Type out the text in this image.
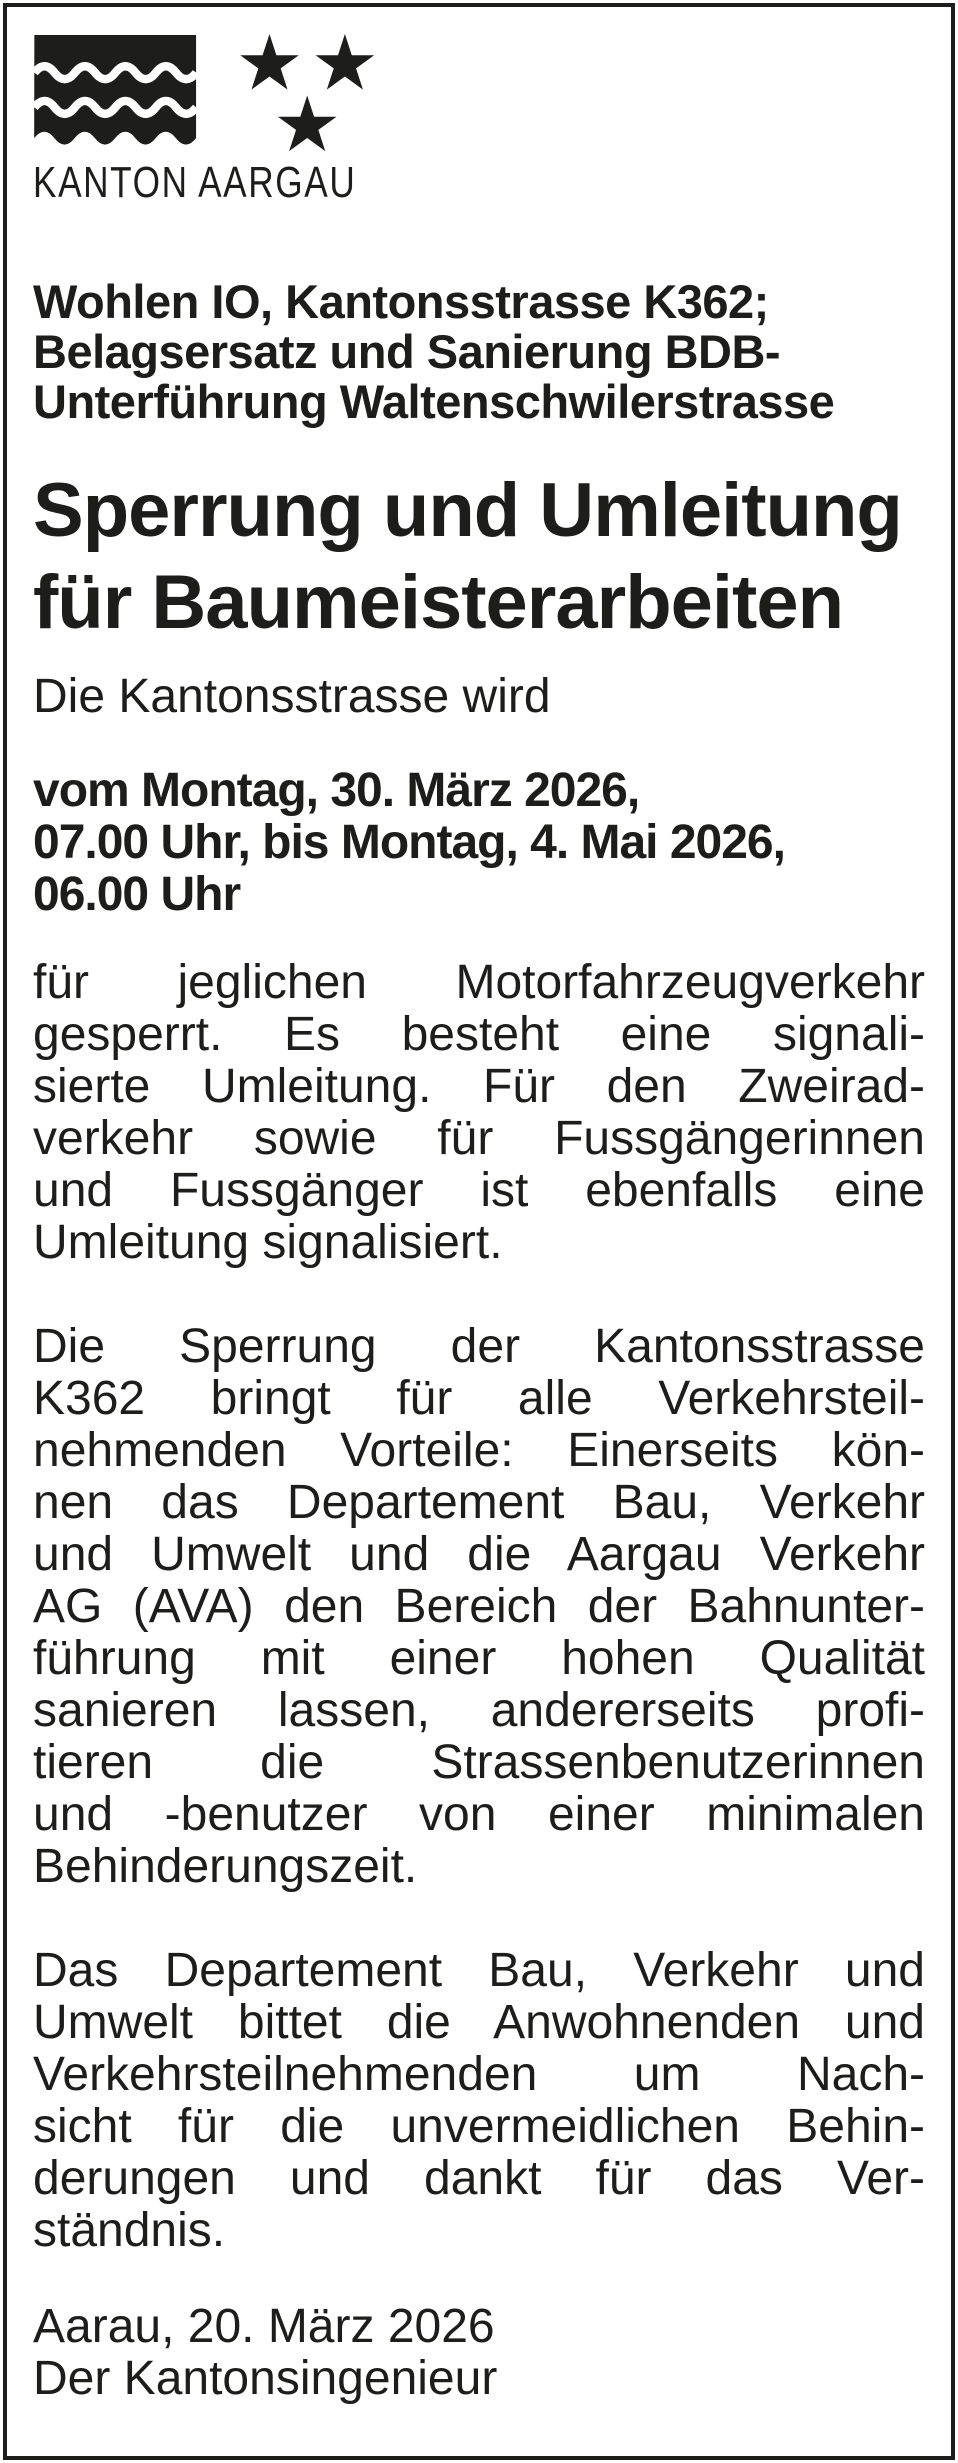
KANTON AARGAU
Wohlen IO, Kantonsstrasse K362;
Belagsersatz und Sanierung BDB-
Unterführung Waltenschwilerstrasse
Sperrung und Umleitung
für Baumeisterarbeiten

Die Kantonsstrasse wird

vom Montag, 30. März 2026,
07.00 Uhr, bis Montag, 4. Mai 2026,
06.00 Uhr

für jeglichen Motorfahrzeugverkehr
gesperrt. Es besteht eine signali-
sierte Umleitung. Für den Zweirad-
verkehr sowie für Fussgängerinnen
und Fussgänger ist ebenfalls eine
Umleitung signalisiert.

Die Sperrung der Kantonsstrasse
K362 bringt für alle Verkehrsteil-
nehmenden Vorteile: Einerseits kön-
nen das Departement Bau, Verkehr
und Umwelt und die Aargau Verkehr
AG (AVA) den Bereich der Bahnunter-
führung mit einer hohen Qualität
sanieren lassen, andererseits profi-
tieren die Strassenbenutzerinnen
und -benutzer von einer minimalen
Behinderungszeit.

Das Departement Bau, Verkehr und
Umwelt bittet die Anwohnenden und
Verkehrsteilnehmenden um Nach-
sicht für die unvermeidlichen Behin-
derungen und dankt für das Ver-
ständnis.

Aarau, 20. März 2026
Der Kantonsingenieur
